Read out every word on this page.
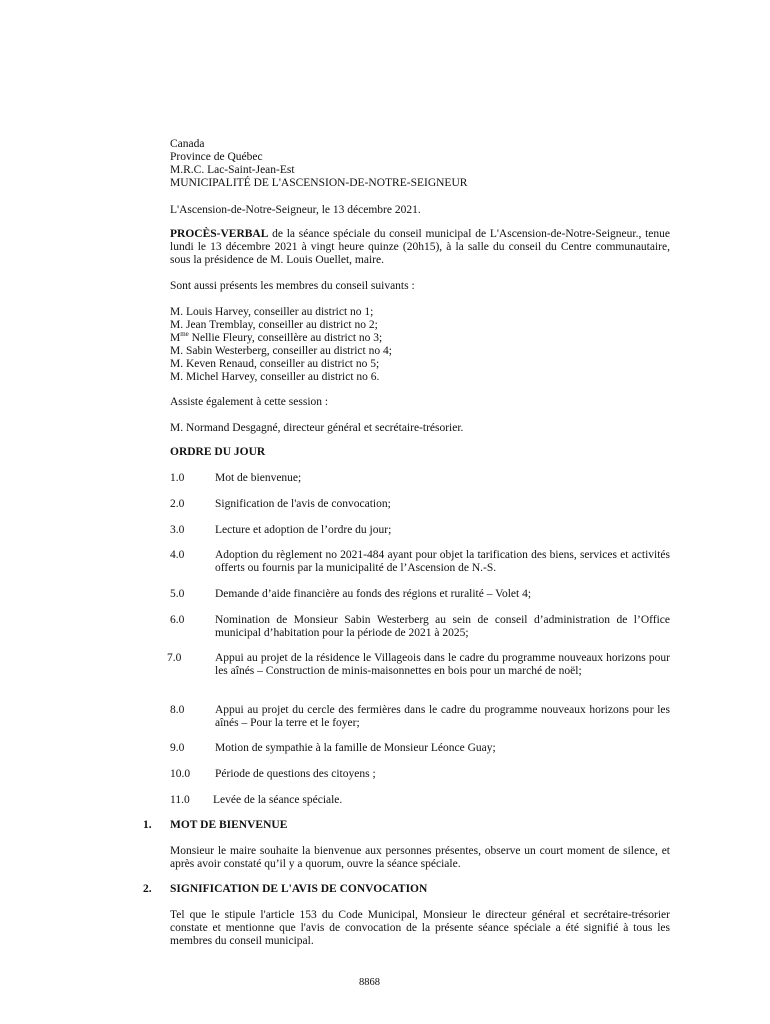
Canada
Province de Québec
M.R.C. Lac-Saint-Jean-Est
MUNICIPALITÉ DE L'ASCENSION-DE-NOTRE-SEIGNEUR
L'Ascension-de-Notre-Seigneur, le 13 décembre 2021.
PROCÈS-VERBAL de la séance spéciale du conseil municipal de L'Ascension-de-Notre-Seigneur., tenue lundi le 13 décembre 2021 à vingt heure quinze (20h15), à la salle du conseil du Centre communautaire, sous la présidence de M. Louis Ouellet, maire.
Sont aussi présents les membres du conseil suivants :
M. Louis Harvey, conseiller au district no 1;
M. Jean Tremblay, conseiller au district no 2;
$M^{me}$ Nellie Fleury, conseillère au district no 3;
M. Sabin Westerberg, conseiller au district no 4;
M. Keven Renaud, conseiller au district no 5;
M. Michel Harvey, conseiller au district no 6.
Assiste également à cette session :
M. Normand Desgagné, directeur général et secrétaire-trésorier.
ORDRE DU JOUR
1.0	Mot de bienvenue;
2.0	Signification de l'avis de convocation;
3.0	Lecture et adoption de l’ordre du jour;
4.0	Adoption du règlement no 2021-484 ayant pour objet la tarification des biens, services et activités offerts ou fournis par la municipalité de l’Ascension de N.-S.
5.0	Demande d’aide financière au fonds des régions et ruralité – Volet 4;
6.0	Nomination de Monsieur Sabin Westerberg au sein de conseil d’administration de l’Office municipal d’habitation pour la période de 2021 à 2025;
7.0	Appui au projet de la résidence le Villageois dans le cadre du programme nouveaux horizons pour les aînés – Construction de minis-maisonnettes en bois pour un marché de noël;
8.0	Appui au projet du cercle des fermières dans le cadre du programme nouveaux horizons pour les aînés – Pour la terre et le foyer;
9.0	Motion de sympathie à la famille de Monsieur Léonce Guay;
10.0 Période de questions des citoyens ;
11.0 Levée de la séance spéciale.
1. MOT DE BIENVENUE
Monsieur le maire souhaite la bienvenue aux personnes présentes, observe un court moment de silence, et après avoir constaté qu’il y a quorum, ouvre la séance spéciale.
2. SIGNIFICATION DE L'AVIS DE CONVOCATION
Tel que le stipule l'article 153 du Code Municipal, Monsieur le directeur général et secrétaire-trésorier constate et mentionne que l'avis de convocation de la présente séance spéciale a été signifié à tous les membres du conseil municipal.
8868
